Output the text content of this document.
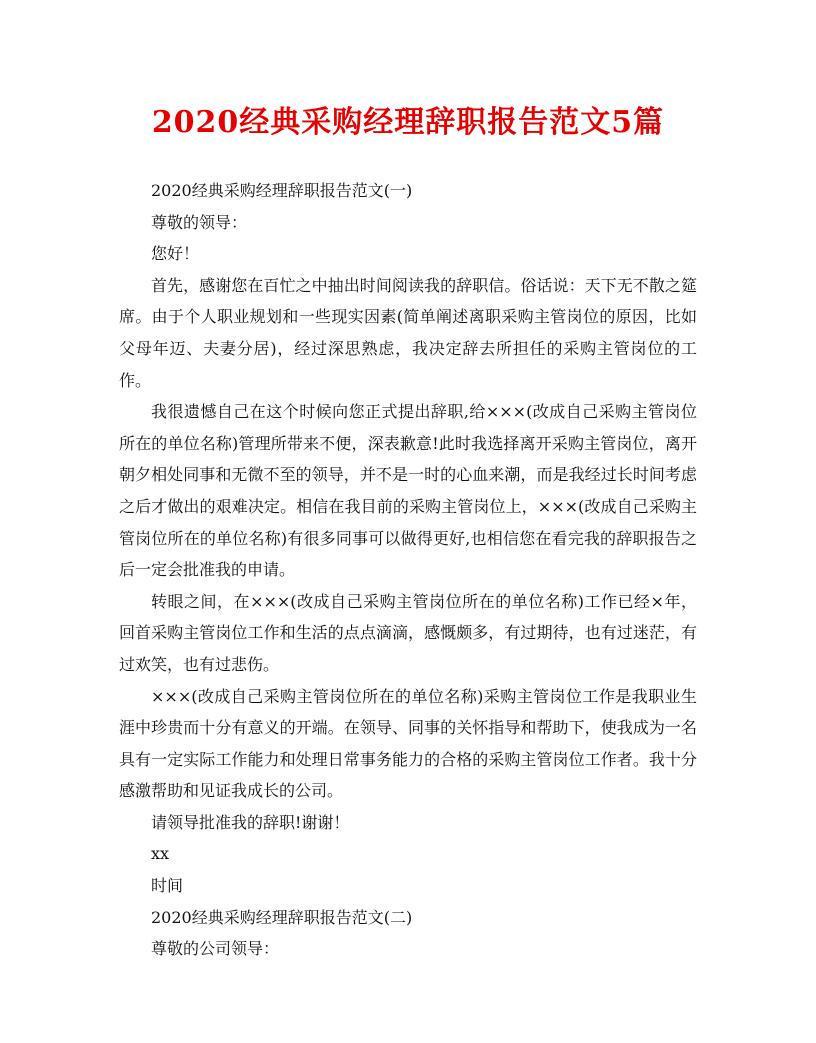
2020经典采购经理辞职报告范文5篇

2020经典采购经理辞职报告范文(一)

尊敬的领导：

您好！

首先，感谢您在百忙之中抽出时间阅读我的辞职信。俗话说：天下无不散之筵席。由于个人职业规划和一些现实因素(简单阐述离职采购主管岗位的原因，比如父母年迈、夫妻分居)，经过深思熟虑，我决定辞去所担任的采购主管岗位的工作。

我很遗憾自己在这个时候向您正式提出辞职,给×××(改成自己采购主管岗位所在的单位名称)管理所带来不便，深表歉意!此时我选择离开采购主管岗位，离开朝夕相处同事和无微不至的领导，并不是一时的心血来潮，而是我经过长时间考虑之后才做出的艰难决定。相信在我目前的采购主管岗位上，×××(改成自己采购主管岗位所在的单位名称)有很多同事可以做得更好,也相信您在看完我的辞职报告之后一定会批准我的申请。

转眼之间，在×××(改成自己采购主管岗位所在的单位名称)工作已经×年，回首采购主管岗位工作和生活的点点滴滴，感慨颇多，有过期待，也有过迷茫，有过欢笑，也有过悲伤。

×××(改成自己采购主管岗位所在的单位名称)采购主管岗位工作是我职业生涯中珍贵而十分有意义的开端。在领导、同事的关怀指导和帮助下，使我成为一名具有一定实际工作能力和处理日常事务能力的合格的采购主管岗位工作者。我十分感激帮助和见证我成长的公司。

请领导批准我的辞职!谢谢！

xx

时间

2020经典采购经理辞职报告范文(二)

尊敬的公司领导：
